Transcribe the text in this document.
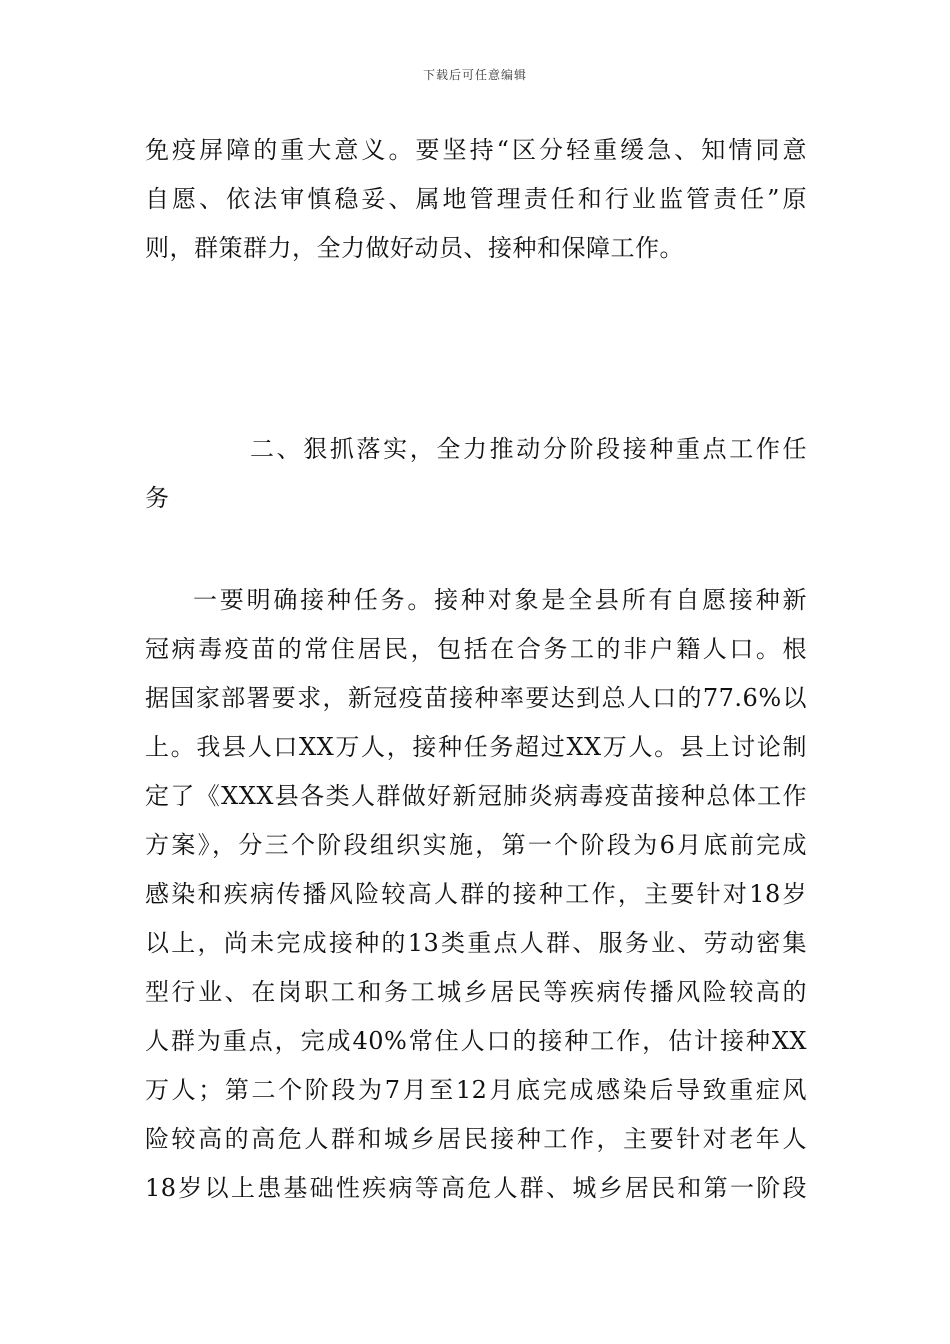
下载后可任意编辑
免疫屏障的重大意义。要坚持“区分轻重缓急、知情同意
自愿、依法审慎稳妥、属地管理责任和行业监管责任”原
则，群策群力，全力做好动员、接种和保障工作。
二、狠抓落实，全力推动分阶段接种重点工作任
务
一要明确接种任务。接种对象是全县所有自愿接种新
冠病毒疫苗的常住居民，包括在合务工的非户籍人口。根
据国家部署要求，新冠疫苗接种率要达到总人口的77.6%以
上。我县人口XX万人，接种任务超过XX万人。县上讨论制
定了《XXX县各类人群做好新冠肺炎病毒疫苗接种总体工作
方案》，分三个阶段组织实施，第一个阶段为6月底前完成
感染和疾病传播风险较高人群的接种工作，主要针对18岁
以上，尚未完成接种的13类重点人群、服务业、劳动密集
型行业、在岗职工和务工城乡居民等疾病传播风险较高的
人群为重点，完成40%常住人口的接种工作，估计接种XX
万人；第二个阶段为7月至12月底完成感染后导致重症风
险较高的高危人群和城乡居民接种工作，主要针对老年人
18岁以上患基础性疾病等高危人群、城乡居民和第一阶段
